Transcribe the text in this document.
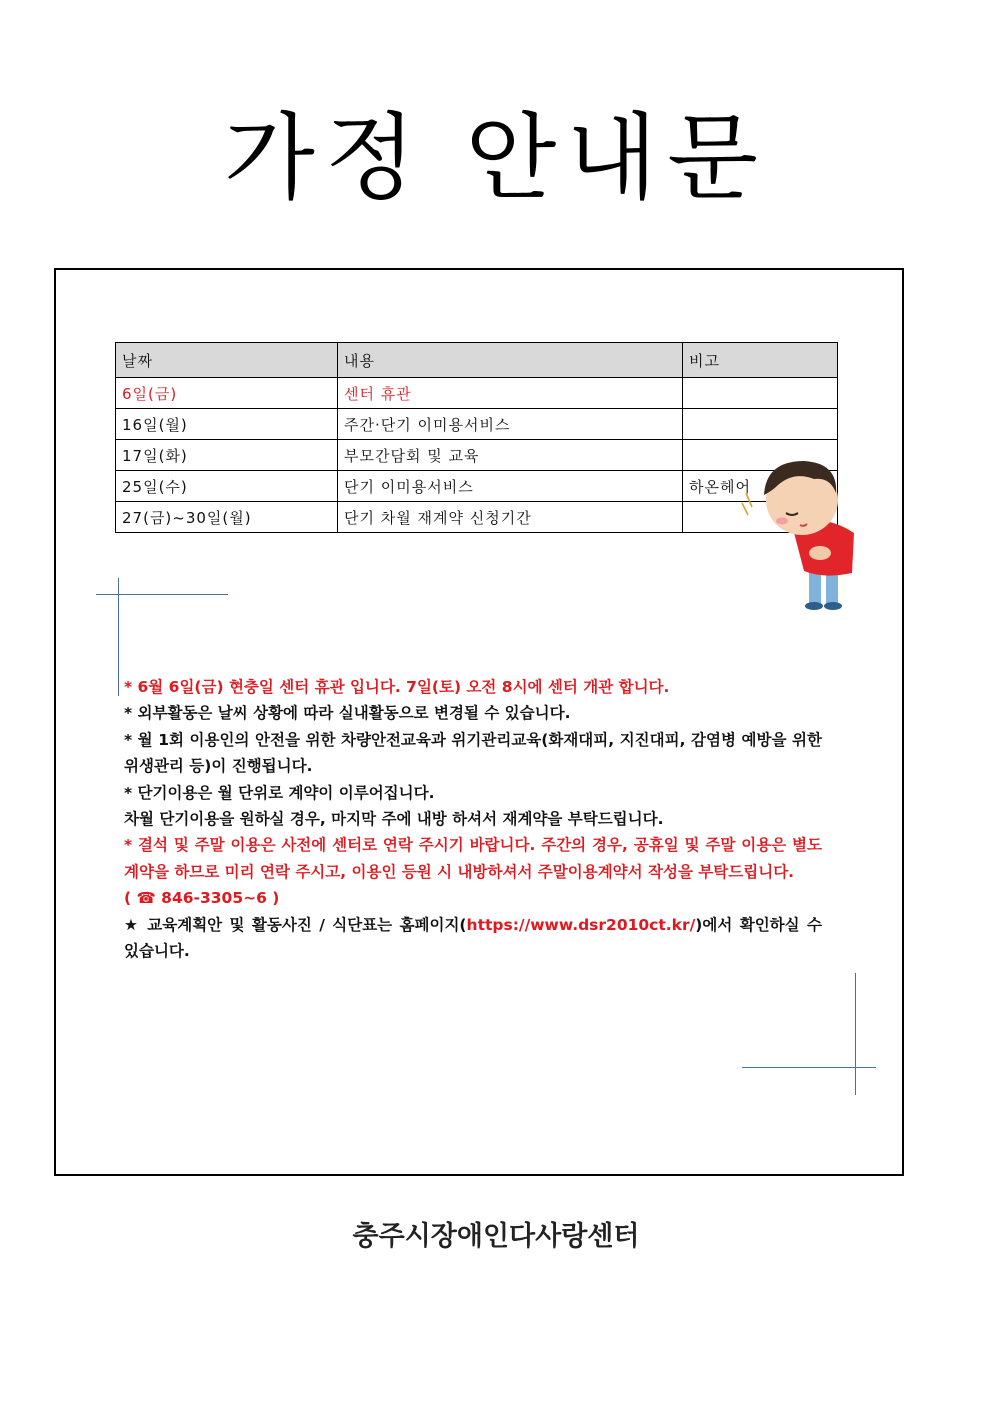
가정 안내문
날짜	내용	비고
6일(금)	센터 휴관	
16일(월)	주간·단기 이미용서비스	
17일(화)	부모간담회 및 교육	
25일(수)	단기 이미용서비스	하온헤어
27(금)~30일(월)	단기 차월 재계약 신청기간	

* 6월 6일(금) 현충일 센터 휴관 입니다. 7일(토) 오전 8시에 센터 개관 합니다.

* 외부활동은 날씨 상황에 따라 실내활동으로 변경될 수 있습니다.

* 월 1회 이용인의 안전을 위한 차량안전교육과 위기관리교육(화재대피, 지진대피, 감염병 예방을 위한 위생관리 등)이 진행됩니다.

* 단기이용은 월 단위로 계약이 이루어집니다.

차월 단기이용을 원하실 경우, 마지막 주에 내방 하셔서 재계약을 부탁드립니다.

* 결석 및 주말 이용은 사전에 센터로 연락 주시기 바랍니다. 주간의 경우, 공휴일 및 주말 이용은 별도 계약을 하므로 미리 연락 주시고, 이용인 등원 시 내방하셔서 주말이용계약서 작성을 부탁드립니다.

( ☎ 846-3305~6 )

★ 교육계획안 및 활동사진 / 식단표는 홈페이지(https://www.dsr2010ct.kr/)에서 확인하실 수 있습니다.

충주시장애인다사랑센터
